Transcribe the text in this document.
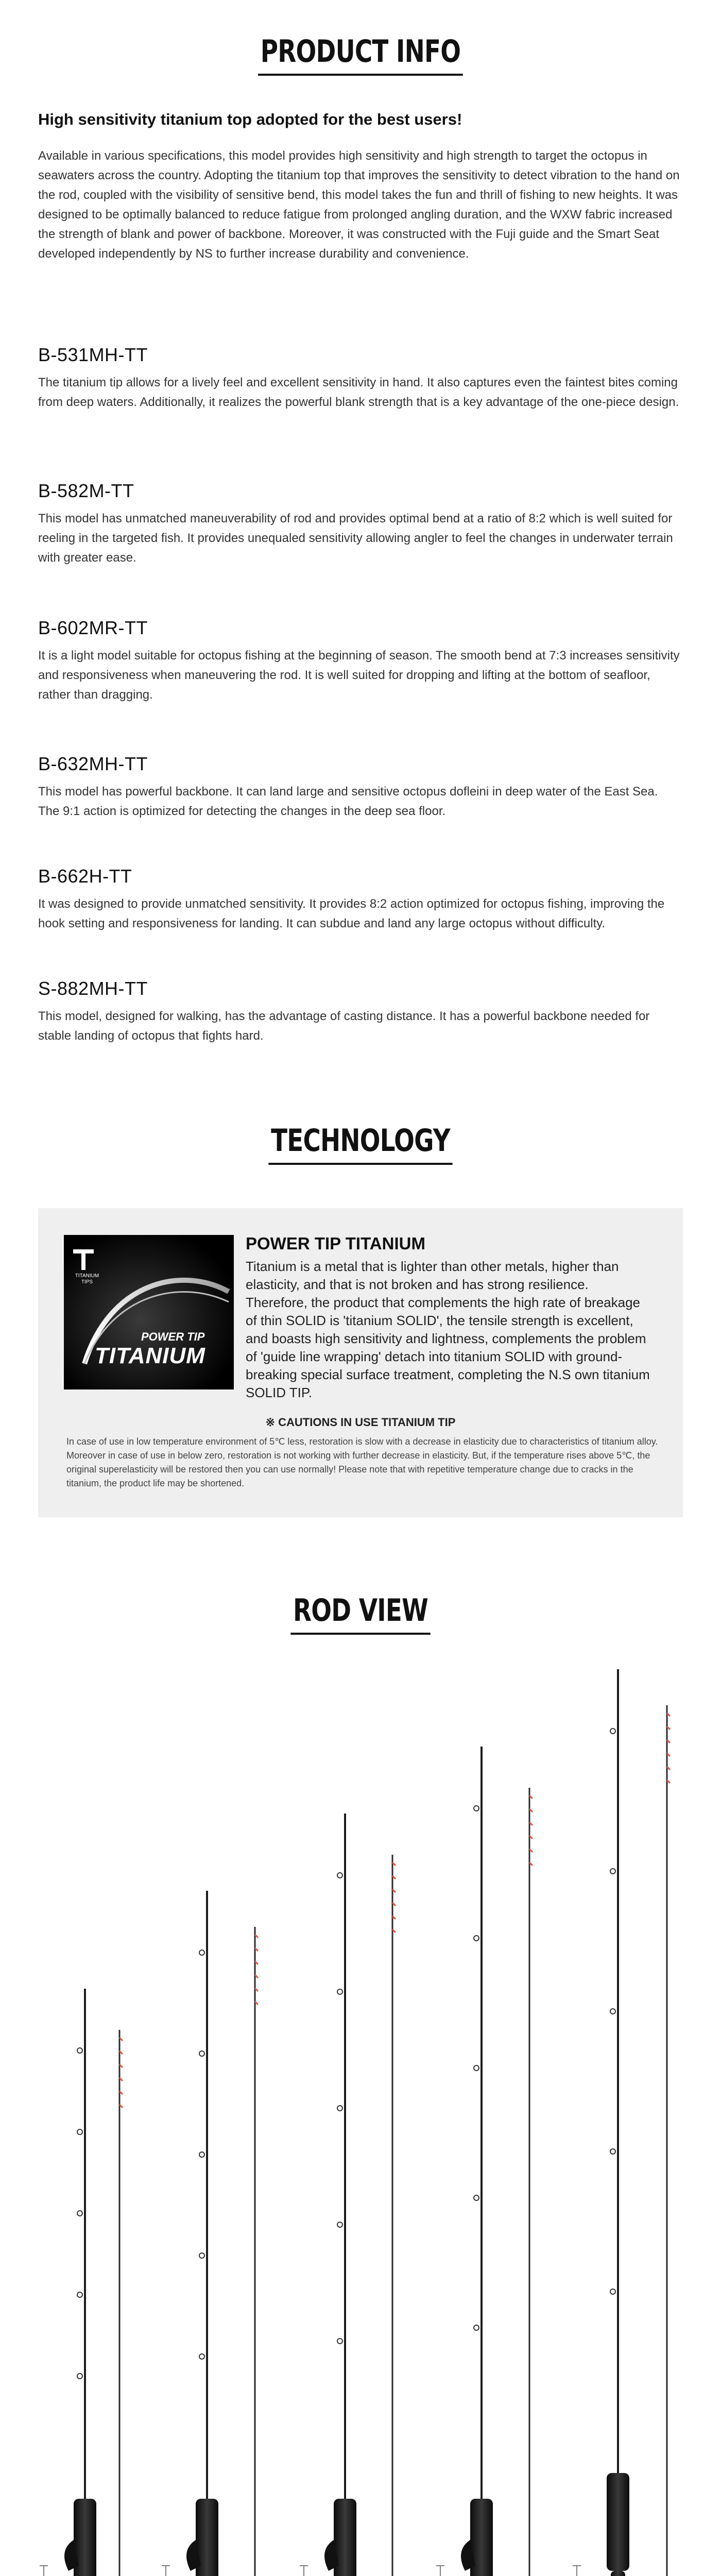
PRODUCT INFO
High sensitivity titanium top adopted for the best users!
Available in various specifications, this model provides high sensitivity and high strength to target the octopus in seawaters across the country. Adopting the titanium top that improves the sensitivity to detect vibration to the hand on the rod, coupled with the visibility of sensitive bend, this model takes the fun and thrill of fishing to new heights. It was designed to be optimally balanced to reduce fatigue from prolonged angling duration, and the WXW fabric increased the strength of blank and power of backbone. Moreover, it was constructed with the Fuji guide and the Smart Seat developed independently by NS to further increase durability and convenience.
B-531MH-TT

The titanium tip allows for a lively feel and excellent sensitivity in hand. It also captures even the faintest bites coming from deep waters. Additionally, it realizes the powerful blank strength that is a key advantage of the one-piece design.

B-582M-TT

This model has unmatched maneuverability of rod and provides optimal bend at a ratio of 8:2 which is well suited for reeling in the targeted fish. It provides unequaled sensitivity allowing angler to feel the changes in underwater terrain with greater ease.

B-602MR-TT

It is a light model suitable for octopus fishing at the beginning of season. The smooth bend at 7:3 increases sensitivity and responsiveness when maneuvering the rod. It is well suited for dropping and lifting at the bottom of seafloor, rather than dragging.

B-632MH-TT

This model has powerful backbone. It can land large and sensitive octopus dofleini in deep water of the East Sea. The 9:1 action is optimized for detecting the changes in the deep sea floor.

B-662H-TT

It was designed to provide unmatched sensitivity. It provides 8:2 action optimized for octopus fishing, improving the hook setting and responsiveness for landing. It can subdue and land any large octopus without difficulty.

S-882MH-TT

This model, designed for walking, has the advantage of casting distance. It has a powerful backbone needed for stable landing of octopus that fights hard.

TECHNOLOGY
TITANIUM TIPS
POWER TIP
TITANIUM
POWER TIP TITANIUM
Titanium is a metal that is lighter than other metals, higher than elasticity, and that is not broken and has strong resilience. Therefore, the product that complements the high rate of breakage of thin SOLID is 'titanium SOLID', the tensile strength is excellent, and boasts high sensitivity and lightness, complements the problem of 'guide line wrapping' detach into titanium SOLID with ground-breaking special surface treatment, completing the N.S own titanium SOLID TIP.
※ CAUTIONS IN USE TITANIUM TIP
In case of use in low temperature environment of 5℃ less, restoration is slow with a decrease in elasticity due to characteristics of titanium alloy. Moreover in case of use in below zero, restoration is not working with further decrease in elasticity. But, if the temperature rises above 5℃, the original superelasticity will be restored then you can use normally! Please note that with repetitive temperature change due to cracks in the titanium, the product life may be shortened.
ROD VIEW
